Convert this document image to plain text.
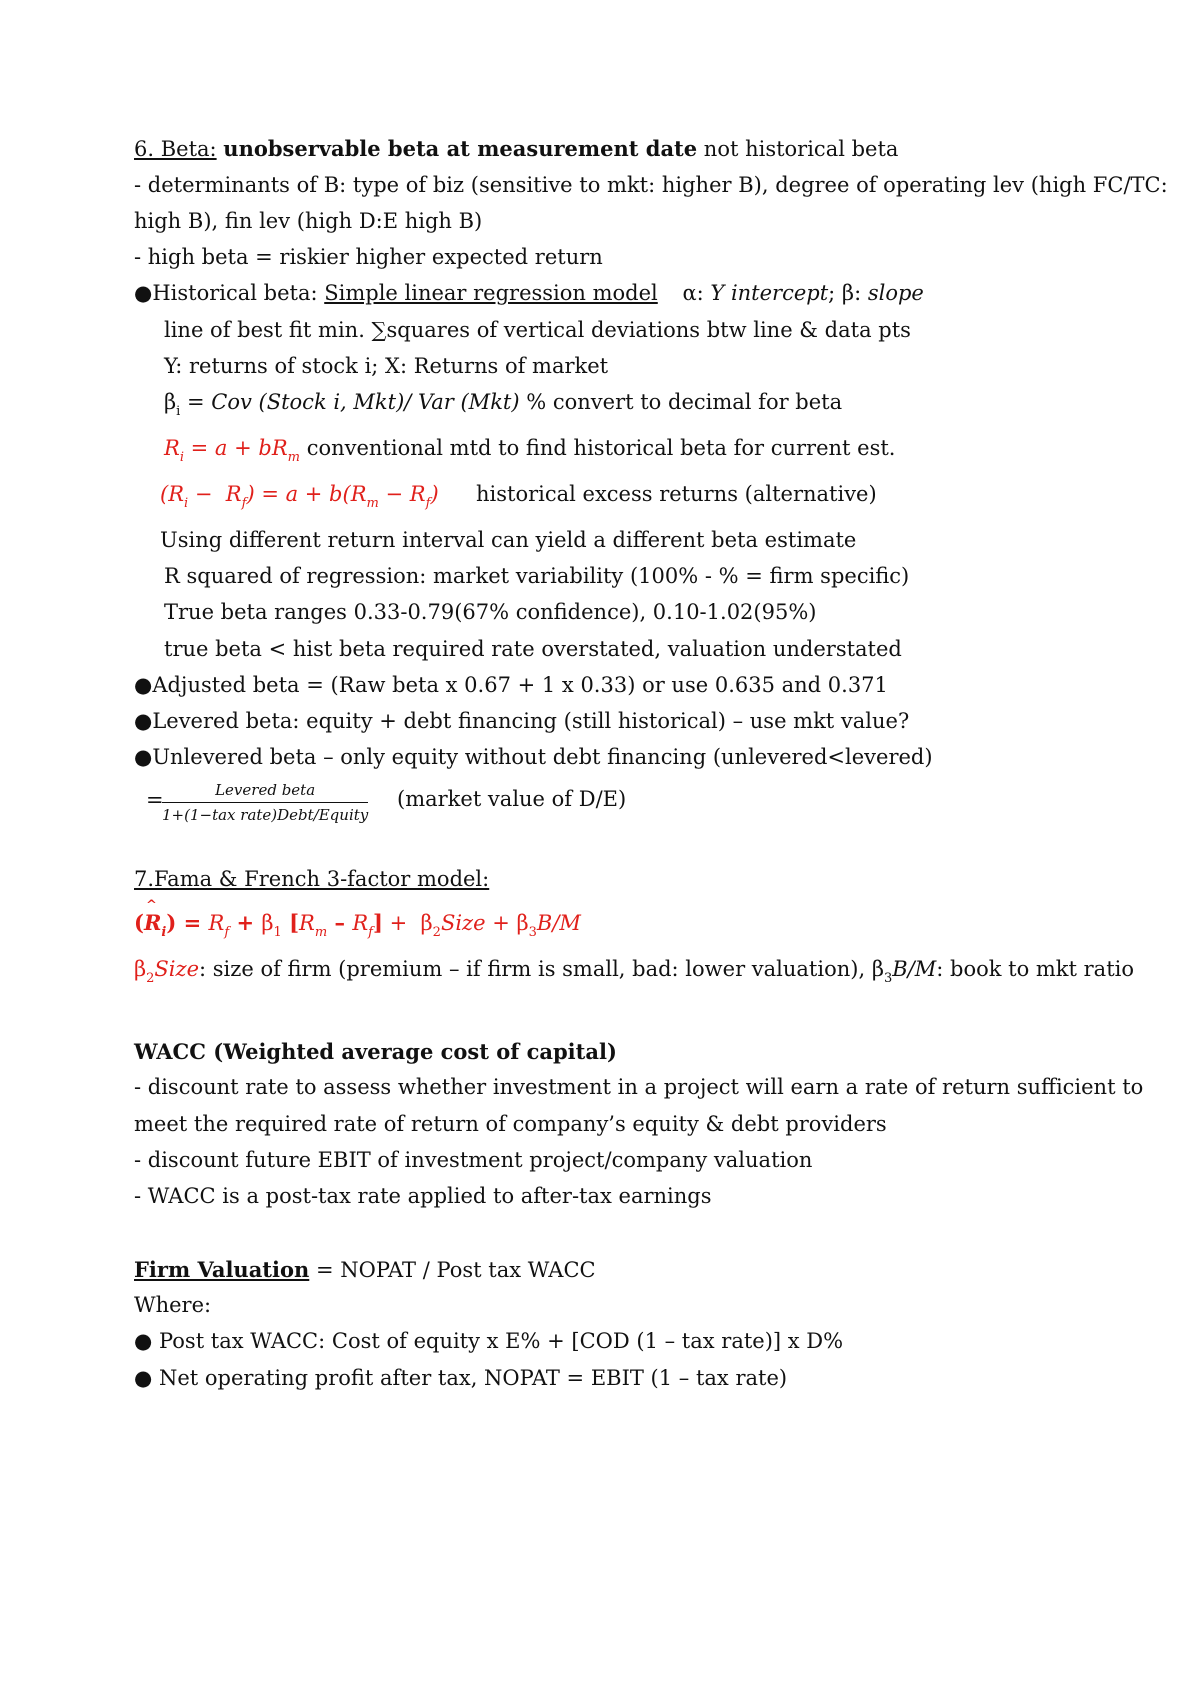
6. Beta: unobservable beta at measurement date not historical beta
- determinants of B: type of biz (sensitive to mkt: higher B), degree of operating lev (high FC/TC:
high B), fin lev (high D:E high B)
- high beta = riskier higher expected return
●Historical beta: Simple linear regression model α: Y intercept; β: slope
line of best fit min. ∑squares of vertical deviations btw line & data pts
Y: returns of stock i; X: Returns of market
$\beta_i$ = Cov (Stock i, Mkt)/ Var (Mkt) % convert to decimal for beta
$R_i = a + bR_m$ conventional mtd to find historical beta for current est.
$(R_i - R_f) = a + b(R_m - R_f)$ historical excess returns (alternative)
Using different return interval can yield a different beta estimate
R squared of regression: market variability (100% - % = firm specific)
True beta ranges 0.33-0.79(67% confidence), 0.10-1.02(95%)
true beta < hist beta required rate overstated, valuation understated
●Adjusted beta = (Raw beta x 0.67 + 1 x 0.33) or use 0.635 and 0.371
●Levered beta: equity + debt financing (still historical) – use mkt value?
●Unlevered beta – only equity without debt financing (unlevered<levered)
=	Levered beta
1+(1−tax rate)Debt/Equity
(market value of D/E)
7.Fama & French 3-factor model:
(^ $R_i) = R_f + \beta_1$ $[R_m - R_f]$ +  $\beta_2Size + \beta_3B/M$
$\beta_2Size$: size of firm (premium – if firm is small, bad: lower valuation), $\beta_3B/M$: book to mkt ratio
WACC (Weighted average cost of capital)
- discount rate to assess whether investment in a project will earn a rate of return sufficient to
meet the required rate of return of company’s equity & debt providers
- discount future EBIT of investment project/company valuation
- WACC is a post-tax rate applied to after-tax earnings
Firm Valuation = NOPAT / Post tax WACC
Where:
● Post tax WACC: Cost of equity x E% + [COD (1 – tax rate)] x D%
● Net operating profit after tax, NOPAT = EBIT (1 – tax rate)
